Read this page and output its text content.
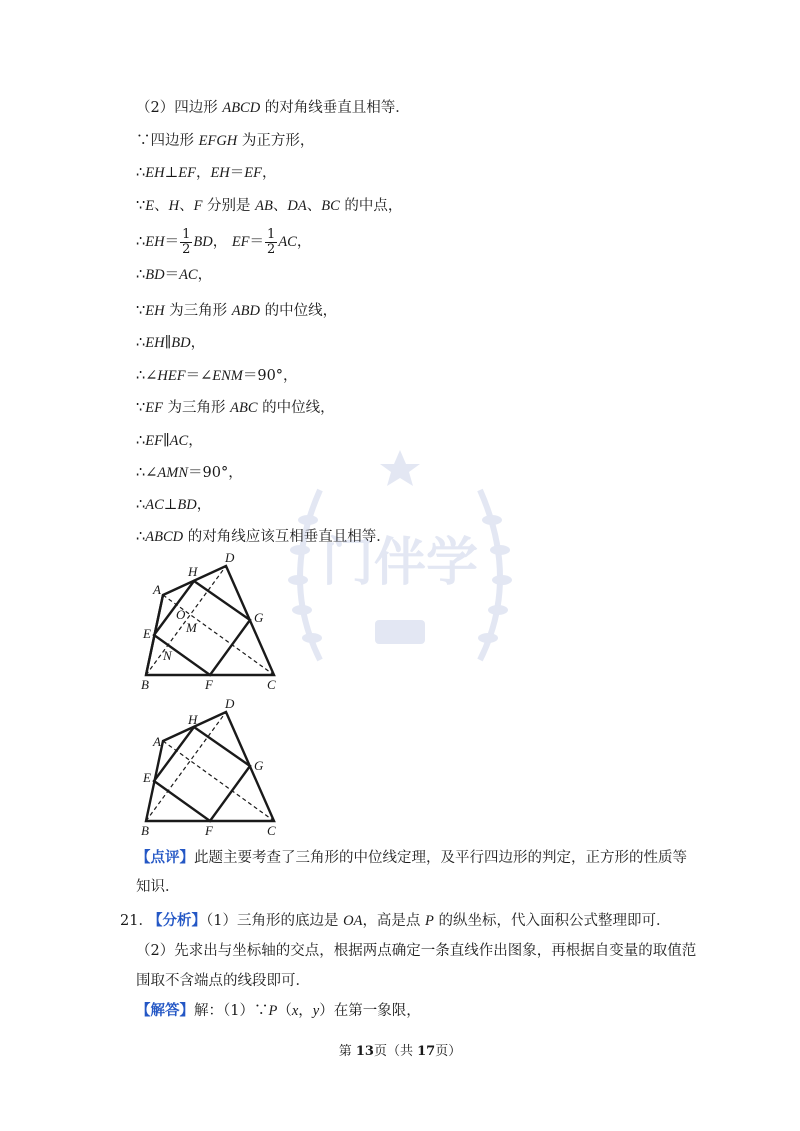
门伴学
（2）四边形 ABCD 的对角线垂直且相等．
∵四边形 EFGH 为正方形，
∴EH⊥EF，EH＝EF，
∵E、H、F 分别是 AB、DA、BC 的中点，
∴BD＝AC，
∵EH 为三角形 ABD 的中位线，
∴EH∥BD，
∴∠HEF＝∠ENM＝90°，
∵EF 为三角形 ABC 的中位线，
∴EF∥AC，
∴∠AMN＝90°，
∴AC⊥BD，
∴ABCD 的对角线应该互相垂直且相等．
∴EH＝ $\frac{1}{2}$ BD， $EF= \frac{1}{2}$ AC，
D
H
A
O
M
G
E
N
B	F	C
D
H
A
G
E
B	F	C
【点评】此题主要考查了三角形的中位线定理，及平行四边形的判定，正方形的性质等
知识．
21．
【分析】（1）三角形的底边是 OA，高是点 P 的纵坐标，代入面积公式整理即可．
（2）先求出与坐标轴的交点，根据两点确定一条直线作出图象，再根据自变量的取值范
围取不含端点的线段即可．
【解答】解：（1）∵P（x，y）在第一象限，
第 13页（共 17页）
